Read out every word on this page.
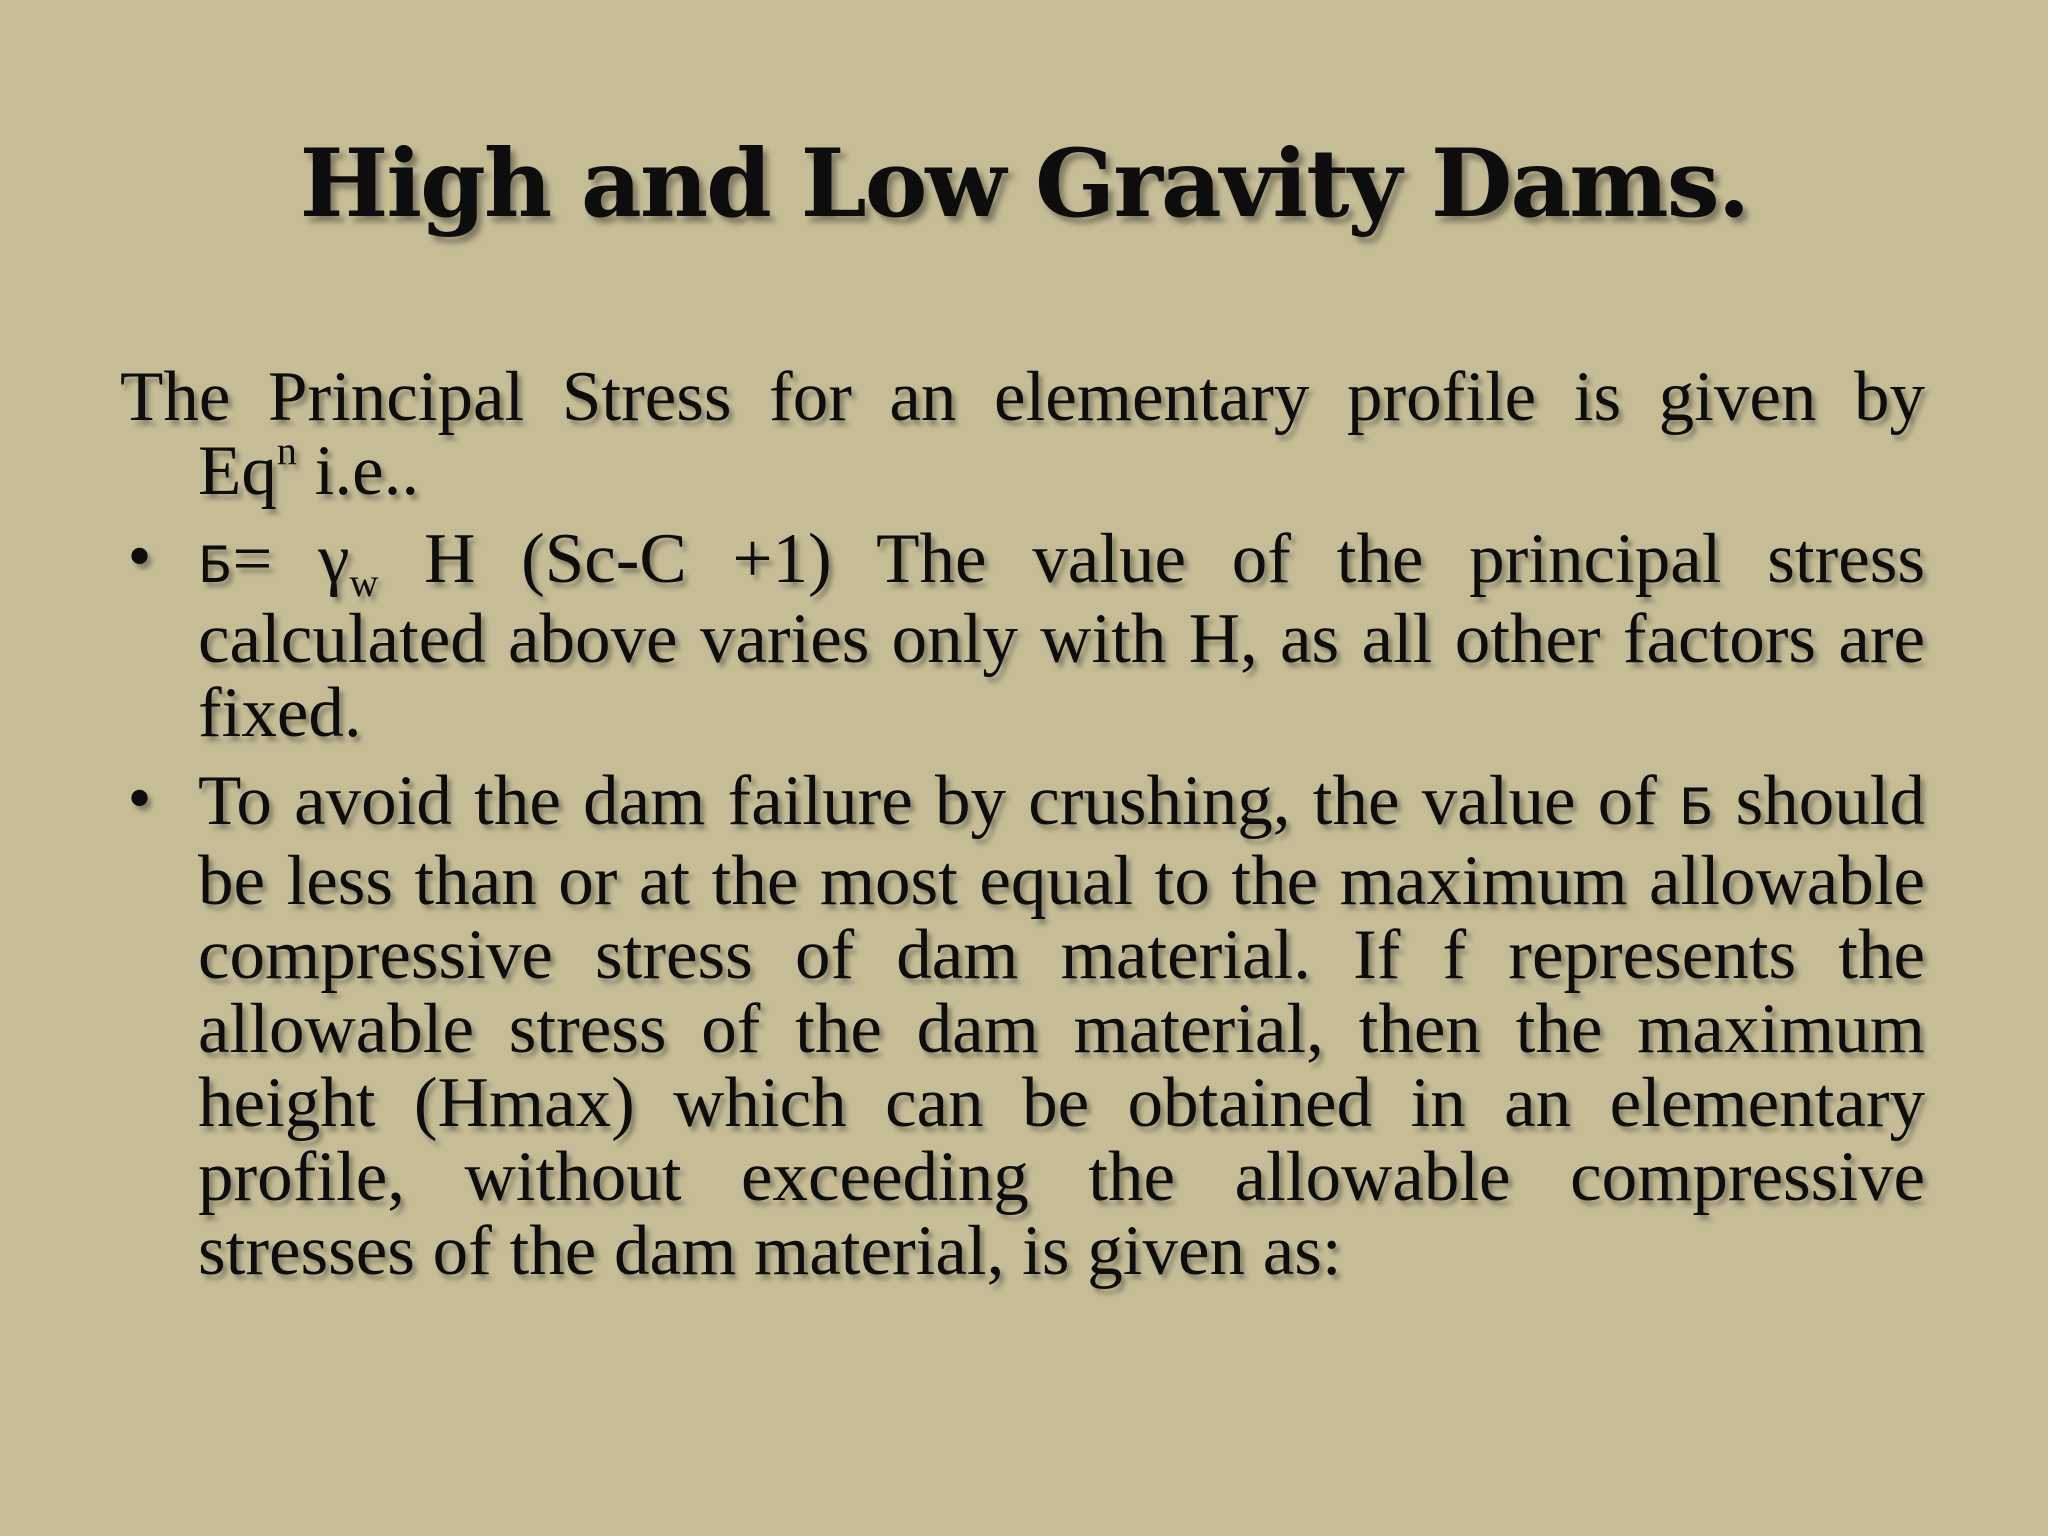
High and Low Gravity Dams.

The Principal Stress for an elementary profile is given by

Eq$^n$ i.e..

• $Б= \gamma_w$ H (Sc-C +1) The value of the principal stress calculated above varies only with H, as all other factors are fixed.
• To avoid the dam failure by crushing, the value of Б should be less than or at the most equal to the maximum allowable compressive stress of dam material. If f represents the allowable stress of the dam material, then the maximum height (Hmax) which can be obtained in an elementary profile, without exceeding the allowable compressive stresses of the dam material, is given as:
